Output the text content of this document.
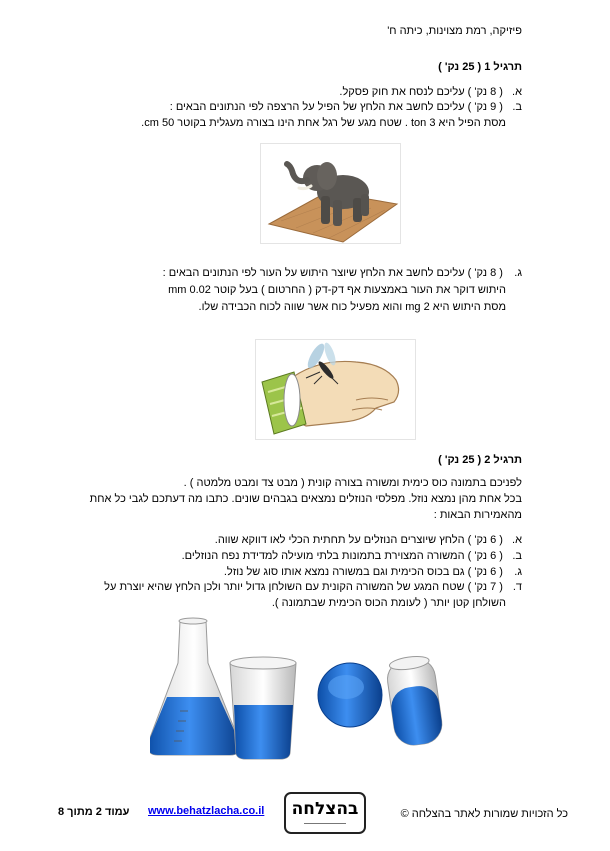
פיזיקה, רמת מצוינות, כיתה ח'
תרגיל 1 ( 25 נק' )
א. ( 8 נק' ) עליכם לנסח את חוק פסקל.
ב. ( 9 נק' ) עליכם לחשב את הלחץ של הפיל על הרצפה לפי הנתונים הבאים :
מסת הפיל היא 3 ton . שטח מגע של רגל אחת הינו בצורה מעגלית בקוטר 50 cm.
ג. ( 8 נק' ) עליכם לחשב את הלחץ שיוצר היתוש על העור לפי הנתונים הבאים :
היתוש דוקר את העור באמצעות אף דק-דק ( החרטום ) בעל קוטר 0.02 mm
מסת היתוש היא 2 mg והוא מפעיל כוח אשר שווה לכוח הכבידה שלו.
תרגיל 2 ( 25 נק' )
לפניכם בתמונה כוס כימית ומשורה בצורה קונית ( מבט צד ומבט מלמטה ) .
בכל אחת מהן נמצא נוזל. מפלסי הנוזלים נמצאים בגבהים שונים. כתבו מה דעתכם לגבי כל אחת
מהאמירות הבאות :
א. ( 6 נק' ) הלחץ שיוצרים הנוזלים על תחתית הכלי לאו דווקא שווה.
ב. ( 6 נק' ) המשורה המצוירת בתמונות בלתי מועילה למדידת נפח הנוזלים.
ג. ( 6 נק' ) גם בכוס הכימית וגם במשורה נמצא אותו סוג של נוזל.
ד. ( 7 נק' ) שטח המגע של המשורה הקונית עם השולחן גדול יותר ולכן הלחץ שהיא יוצרת על
השולחן קטן יותר ( לעומת הכוס הכימית שבתמונה ).
כל הזכויות שמורות לאתר בהצלחה ©
בהצלחה
www.behatzlacha.co.il
עמוד 2 מתוך 8
